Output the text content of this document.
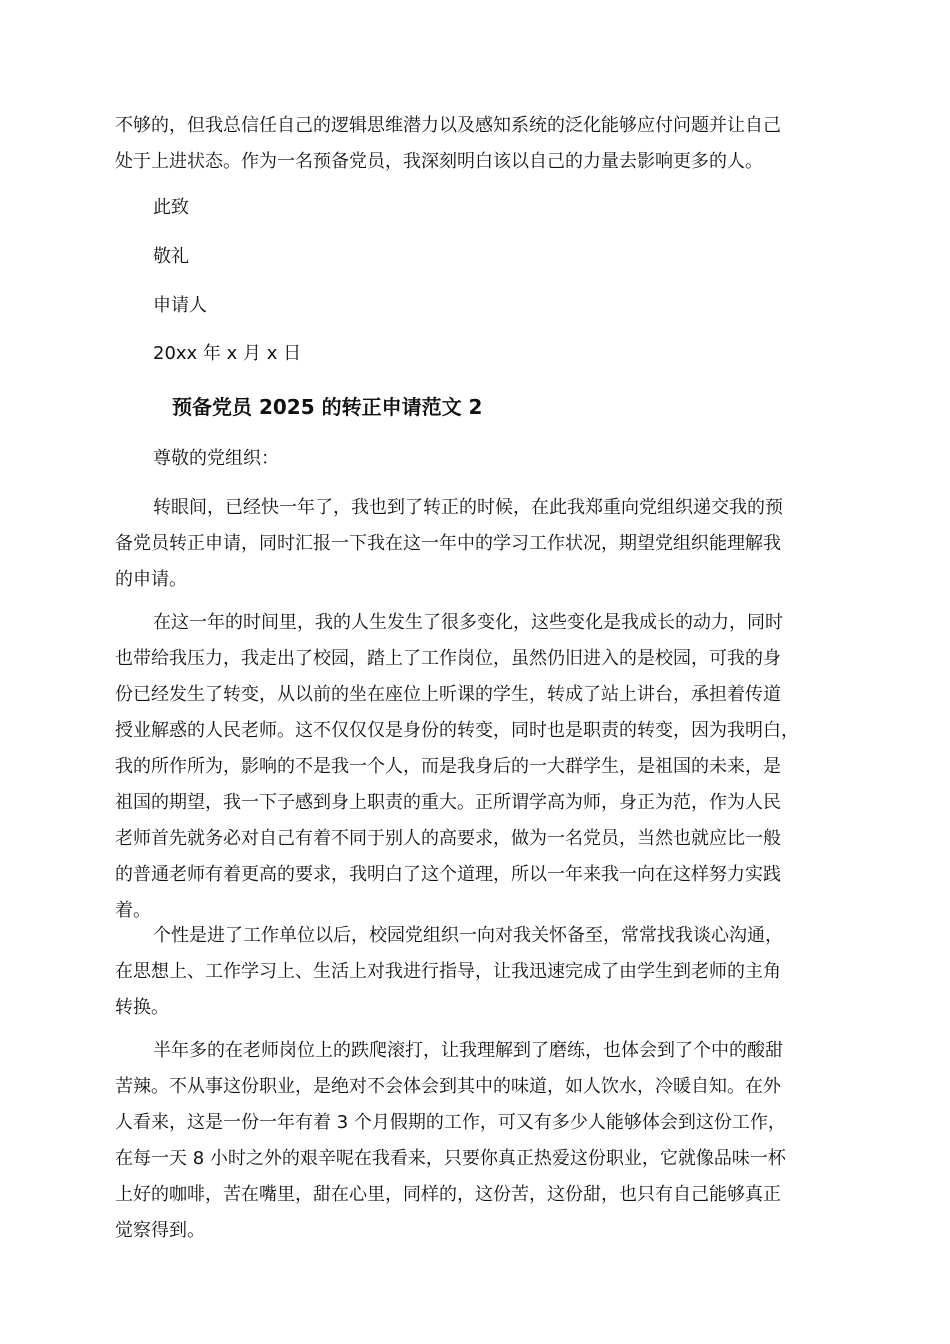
不够的，但我总信任自己的逻辑思维潜力以及感知系统的泛化能够应付问题并让自己
处于上进状态。作为一名预备党员，我深刻明白该以自己的力量去影响更多的人。
此致
敬礼
申请人
20xx 年 x 月 x 日
预备党员 2025 的转正申请范文 2
尊敬的党组织：
转眼间，已经快一年了，我也到了转正的时候，在此我郑重向党组织递交我的预
备党员转正申请，同时汇报一下我在这一年中的学习工作状况，期望党组织能理解我
的申请。
在这一年的时间里，我的人生发生了很多变化，这些变化是我成长的动力，同时
也带给我压力，我走出了校园，踏上了工作岗位，虽然仍旧进入的是校园，可我的身
份已经发生了转变，从以前的坐在座位上听课的学生，转成了站上讲台，承担着传道
授业解惑的人民老师。这不仅仅仅是身份的转变，同时也是职责的转变，因为我明白，
我的所作所为，影响的不是我一个人，而是我身后的一大群学生，是祖国的未来，是
祖国的期望，我一下子感到身上职责的重大。正所谓学高为师，身正为范，作为人民
老师首先就务必对自己有着不同于别人的高要求，做为一名党员，当然也就应比一般
的普通老师有着更高的要求，我明白了这个道理，所以一年来我一向在这样努力实践
着。
个性是进了工作单位以后，校园党组织一向对我关怀备至，常常找我谈心沟通，
在思想上、工作学习上、生活上对我进行指导，让我迅速完成了由学生到老师的主角
转换。
半年多的在老师岗位上的跌爬滚打，让我理解到了磨练，也体会到了个中的酸甜
苦辣。不从事这份职业，是绝对不会体会到其中的味道，如人饮水，冷暖自知。在外
人看来，这是一份一年有着 3 个月假期的工作，可又有多少人能够体会到这份工作，
在每一天 8 小时之外的艰辛呢在我看来，只要你真正热爱这份职业，它就像品味一杯
上好的咖啡，苦在嘴里，甜在心里，同样的，这份苦，这份甜，也只有自己能够真正
觉察得到。
